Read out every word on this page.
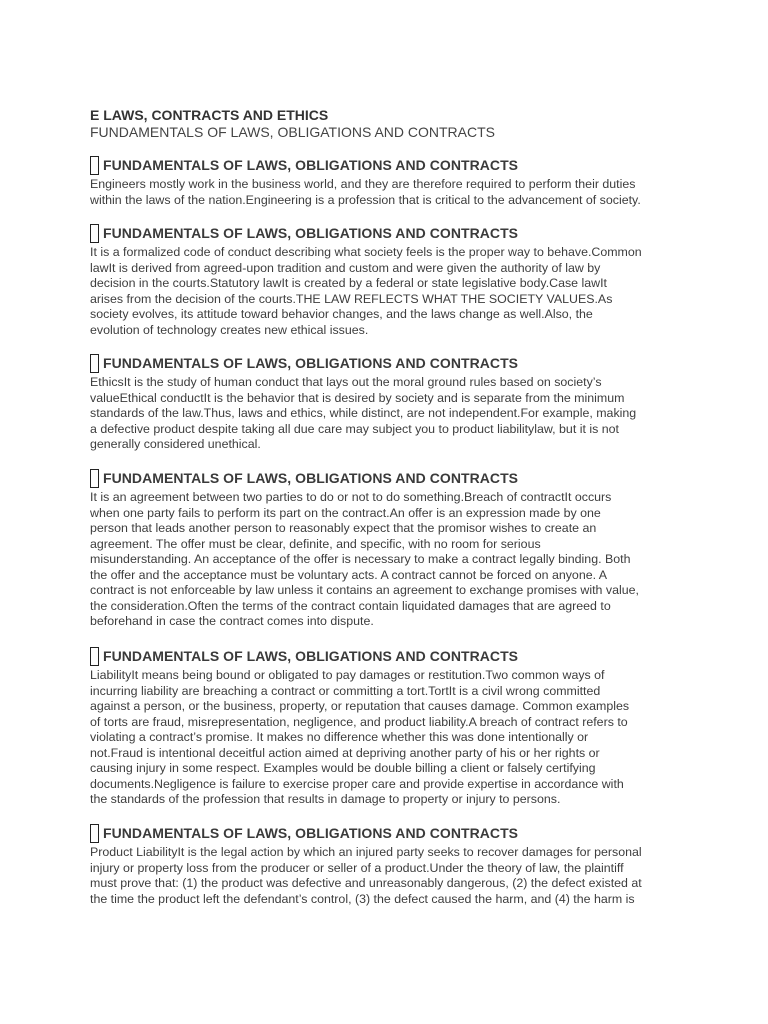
E LAWS, CONTRACTS AND ETHICS

FUNDAMENTALS OF LAWS, OBLIGATIONS AND CONTRACTS

FUNDAMENTALS OF LAWS, OBLIGATIONS AND CONTRACTS
Engineers mostly work in the business world, and they are therefore required to perform their duties
within the laws of the nation.Engineering is a profession that is critical to the advancement of society.
FUNDAMENTALS OF LAWS, OBLIGATIONS AND CONTRACTS
It is a formalized code of conduct describing what society feels is the proper way to behave.Common
lawIt is derived from agreed-upon tradition and custom and were given the authority of law by
decision in the courts.Statutory lawIt is created by a federal or state legislative body.Case lawIt
arises from the decision of the courts.THE LAW REFLECTS WHAT THE SOCIETY VALUES.As
society evolves, its attitude toward behavior changes, and the laws change as well.Also, the
evolution of technology creates new ethical issues.
FUNDAMENTALS OF LAWS, OBLIGATIONS AND CONTRACTS
EthicsIt is the study of human conduct that lays out the moral ground rules based on society’s
valueEthical conductIt is the behavior that is desired by society and is separate from the minimum
standards of the law.Thus, laws and ethics, while distinct, are not independent.For example, making
a defective product despite taking all due care may subject you to product liabilitylaw, but it is not
generally considered unethical.
FUNDAMENTALS OF LAWS, OBLIGATIONS AND CONTRACTS
It is an agreement between two parties to do or not to do something.Breach of contractIt occurs
when one party fails to perform its part on the contract.An offer is an expression made by one
person that leads another person to reasonably expect that the promisor wishes to create an
agreement. The offer must be clear, definite, and specific, with no room for serious
misunderstanding. An acceptance of the offer is necessary to make a contract legally binding. Both
the offer and the acceptance must be voluntary acts. A contract cannot be forced on anyone. A
contract is not enforceable by law unless it contains an agreement to exchange promises with value,
the consideration.Often the terms of the contract contain liquidated damages that are agreed to
beforehand in case the contract comes into dispute.
FUNDAMENTALS OF LAWS, OBLIGATIONS AND CONTRACTS
LiabilityIt means being bound or obligated to pay damages or restitution.Two common ways of
incurring liability are breaching a contract or committing a tort.TortIt is a civil wrong committed
against a person, or the business, property, or reputation that causes damage. Common examples
of torts are fraud, misrepresentation, negligence, and product liability.A breach of contract refers to
violating a contract’s promise. It makes no difference whether this was done intentionally or
not.Fraud is intentional deceitful action aimed at depriving another party of his or her rights or
causing injury in some respect. Examples would be double billing a client or falsely certifying
documents.Negligence is failure to exercise proper care and provide expertise in accordance with
the standards of the profession that results in damage to property or injury to persons.
FUNDAMENTALS OF LAWS, OBLIGATIONS AND CONTRACTS
Product LiabilityIt is the legal action by which an injured party seeks to recover damages for personal
injury or property loss from the producer or seller of a product.Under the theory of law, the plaintiff
must prove that: (1) the product was defective and unreasonably dangerous, (2) the defect existed at
the time the product left the defendant’s control, (3) the defect caused the harm, and (4) the harm is
